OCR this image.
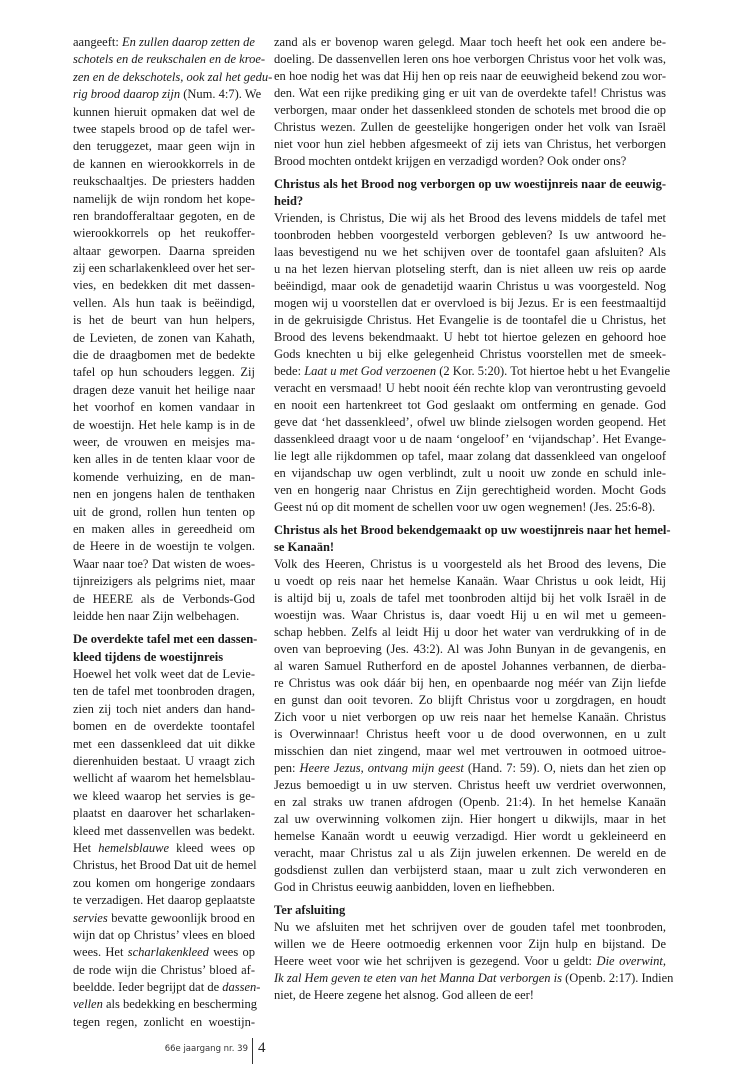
aangeeft: En zullen daarop zetten de
schotels en de reukschalen en de kroe-
zen en de dekschotels, ook zal het gedu-
rig brood daarop zijn (Num. 4:7). We
kunnen hieruit opmaken dat wel de
twee stapels brood op de tafel wer-
den teruggezet, maar geen wijn in
de kannen en wierookkorrels in de
reukschaaltjes. De priesters hadden
namelijk de wijn rondom het kope-
ren brandofferaltaar gegoten, en de
wierookkorrels op het reukoffer-
altaar geworpen. Daarna spreiden
zij een scharlakenkleed over het ser-
vies, en bedekken dit met dassen-
vellen. Als hun taak is beëindigd,
is het de beurt van hun helpers,
de Levieten, de zonen van Kahath,
die de draagbomen met de bedekte
tafel op hun schouders leggen. Zij
dragen deze vanuit het heilige naar
het voorhof en komen vandaar in
de woestijn. Het hele kamp is in de
weer, de vrouwen en meisjes ma-
ken alles in de tenten klaar voor de
komende verhuizing, en de man-
nen en jongens halen de tenthaken
uit de grond, rollen hun tenten op
en maken alles in gereedheid om
de Heere in de woestijn te volgen.
Waar naar toe? Dat wisten de woes-
tijnreizigers als pelgrims niet, maar
de HEERE als de Verbonds-God
leidde hen naar Zijn welbehagen.
De overdekte tafel met een dassen-
kleed tijdens de woestijnreis
Hoewel het volk weet dat de Levie-
ten de tafel met toonbroden dragen,
zien zij toch niet anders dan hand-
bomen en de overdekte toontafel
met een dassenkleed dat uit dikke
dierenhuiden bestaat. U vraagt zich
wellicht af waarom het hemelsblau-
we kleed waarop het servies is ge-
plaatst en daarover het scharlaken-
kleed met dassenvellen was bedekt.
Het hemelsblauwe kleed wees op
Christus, het Brood Dat uit de hemel
zou komen om hongerige zondaars
te verzadigen. Het daarop geplaatste
servies bevatte gewoonlijk brood en
wijn dat op Christus’ vlees en bloed
wees. Het scharlakenkleed wees op
de rode wijn die Christus’ bloed af-
beeldde. Ieder begrijpt dat de dassen-
vellen als bedekking en bescherming
tegen regen, zonlicht en woestijn-
zand als er bovenop waren gelegd. Maar toch heeft het ook een andere be-
doeling. De dassenvellen leren ons hoe verborgen Christus voor het volk was,
en hoe nodig het was dat Hij hen op reis naar de eeuwigheid bekend zou wor-
den. Wat een rijke prediking ging er uit van de overdekte tafel! Christus was
verborgen, maar onder het dassenkleed stonden de schotels met brood die op
Christus wezen. Zullen de geestelijke hongerigen onder het volk van Israël
niet voor hun ziel hebben afgesmeekt of zij iets van Christus, het verborgen
Brood mochten ontdekt krijgen en verzadigd worden? Ook onder ons?
Christus als het Brood nog verborgen op uw woestijnreis naar de eeuwig-
heid?
Vrienden, is Christus, Die wij als het Brood des levens middels de tafel met
toonbroden hebben voorgesteld verborgen gebleven? Is uw antwoord he-
laas bevestigend nu we het schijven over de toontafel gaan afsluiten? Als
u na het lezen hiervan plotseling sterft, dan is niet alleen uw reis op aarde
beëindigd, maar ook de genadetijd waarin Christus u was voorgesteld. Nog
mogen wij u voorstellen dat er overvloed is bij Jezus. Er is een feestmaaltijd
in de gekruisigde Christus. Het Evangelie is de toontafel die u Christus, het
Brood des levens bekendmaakt. U hebt tot hiertoe gelezen en gehoord hoe
Gods knechten u bij elke gelegenheid Christus voorstellen met de smeek-
bede: Laat u met God verzoenen (2 Kor. 5:20). Tot hiertoe hebt u het Evangelie
veracht en versmaad! U hebt nooit één rechte klop van verontrusting gevoeld
en nooit een hartenkreet tot God geslaakt om ontferming en genade. God
geve dat ‘het dassenkleed’, ofwel uw blinde zielsogen worden geopend. Het
dassenkleed draagt voor u de naam ‘ongeloof’ en ‘vijandschap’. Het Evange-
lie legt alle rijkdommen op tafel, maar zolang dat dassenkleed van ongeloof
en vijandschap uw ogen verblindt, zult u nooit uw zonde en schuld inle-
ven en hongerig naar Christus en Zijn gerechtigheid worden. Mocht Gods
Geest nú op dit moment de schellen voor uw ogen wegnemen! (Jes. 25:6-8).
Christus als het Brood bekendgemaakt op uw woestijnreis naar het hemel-
se Kanaän!
Volk des Heeren, Christus is u voorgesteld als het Brood des levens, Die
u voedt op reis naar het hemelse Kanaän. Waar Christus u ook leidt, Hij
is altijd bij u, zoals de tafel met toonbroden altijd bij het volk Israël in de
woestijn was. Waar Christus is, daar voedt Hij u en wil met u gemeen-
schap hebben. Zelfs al leidt Hij u door het water van verdrukking of in de
oven van beproeving (Jes. 43:2). Al was John Bunyan in de gevangenis, en
al waren Samuel Rutherford en de apostel Johannes verbannen, de dierba-
re Christus was ook dáár bij hen, en openbaarde nog méér van Zijn liefde
en gunst dan ooit tevoren. Zo blijft Christus voor u zorgdragen, en houdt
Zich voor u niet verborgen op uw reis naar het hemelse Kanaän. Christus
is Overwinnaar! Christus heeft voor u de dood overwonnen, en u zult
misschien dan niet zingend, maar wel met vertrouwen in ootmoed uitroe-
pen: Heere Jezus, ontvang mijn geest (Hand. 7: 59). O, niets dan het zien op
Jezus bemoedigt u in uw sterven. Christus heeft uw verdriet overwonnen,
en zal straks uw tranen afdrogen (Openb. 21:4). In het hemelse Kanaän
zal uw overwinning volkomen zijn. Hier hongert u dikwijls, maar in het
hemelse Kanaän wordt u eeuwig verzadigd. Hier wordt u gekleineerd en
veracht, maar Christus zal u als Zijn juwelen erkennen. De wereld en de
godsdienst zullen dan verbijsterd staan, maar u zult zich verwonderen en
God in Christus eeuwig aanbidden, loven en liefhebben.
Ter afsluiting
Nu we afsluiten met het schrijven over de gouden tafel met toonbroden,
willen we de Heere ootmoedig erkennen voor Zijn hulp en bijstand. De
Heere weet voor wie het schrijven is gezegend. Voor u geldt: Die overwint,
Ik zal Hem geven te eten van het Manna Dat verborgen is (Openb. 2:17). Indien
niet, de Heere zegene het alsnog. God alleen de eer!
66e jaargang nr. 39 4
